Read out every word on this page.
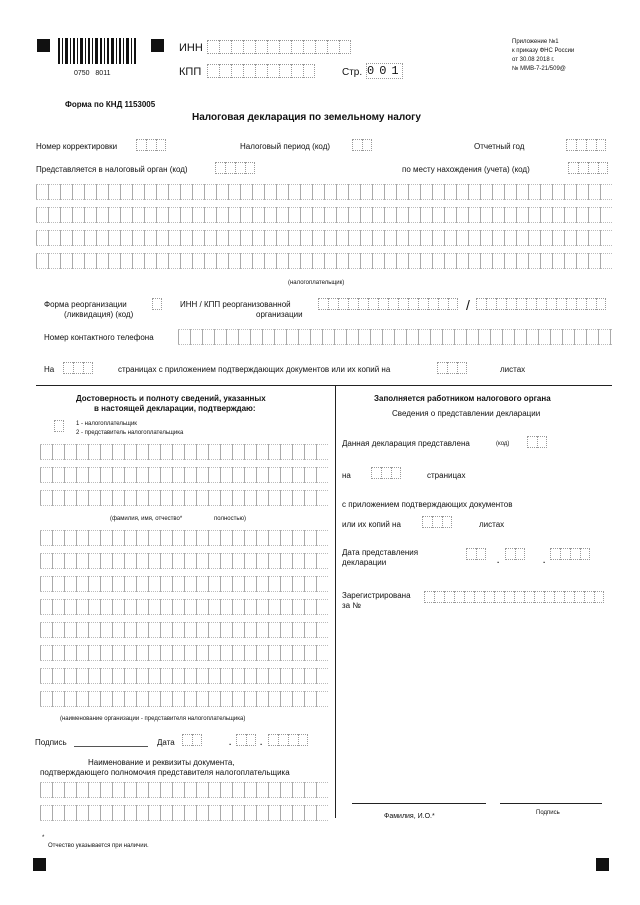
0750   8011
ИНН
КПП	Стр. 001
Приложение №1
к приказу ФНС России
от 30.08 2018 г.
№ ММВ-7-21/509@
Форма по КНД 1153005
Налоговая декларация по земельному налогу
Номер корректировки	Налоговый период (код)	Отчетный год
Представляется в налоговый орган (код)	по месту нахождения (учета) (код)
(налогоплательщик)
Форма реорганизации
(ликвидация) (код)
ИНН / КПП реорганизованной
организации
/
Номер контактного телефона
На	страницах с приложением подтверждающих документов или их копий на	листах
Достоверность и полноту сведений, указанных
в настоящей декларации, подтверждаю:
1 - налогоплательщик
2 - представитель налогоплательщика
(фамилия, имя, отчество*	полностью)
(наименование организации - представителя налогоплательщика)
Подпись	Дата	.	.
Наименование и реквизиты документа,
подтверждающего полномочия представителя налогоплательщика
Заполняется работником налогового органа
Сведения о представлении декларации
Данная декларация представлена	(код)
на	страницах
с приложением подтверждающих документов
или их копий на	листах
Дата представления
декларации	.	.
Зарегистрирована
за №
Фамилия, И.О.*	Подпись
*
Отчество указывается при наличии.
